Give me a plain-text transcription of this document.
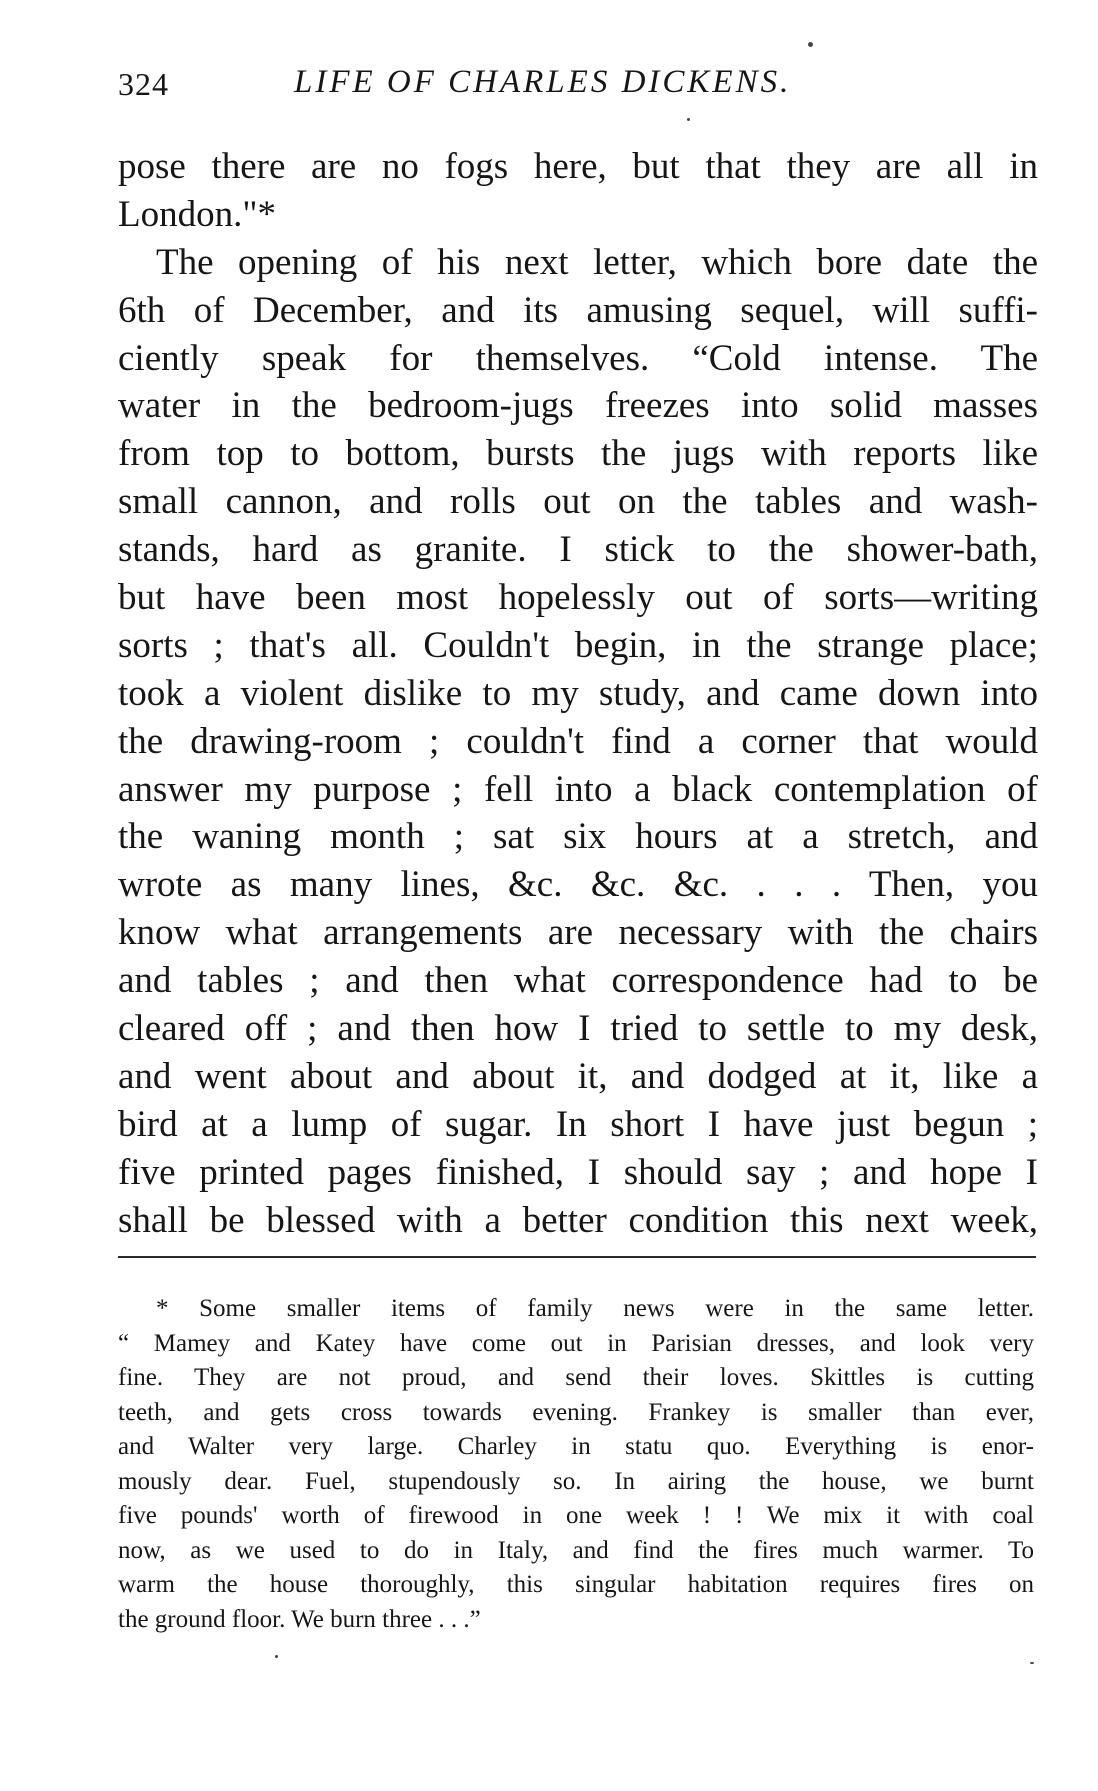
324	LIFE OF CHARLES DICKENS.
pose there are no fogs here, but that they are all in
London."*
The opening of his next letter, which bore date the
6th of December, and its amusing sequel, will suffi-
ciently speak for themselves. “Cold intense. The
water in the bedroom-jugs freezes into solid masses
from top to bottom, bursts the jugs with reports like
small cannon, and rolls out on the tables and wash-
stands, hard as granite. I stick to the shower-bath,
but have been most hopelessly out of sorts—writing
sorts ; that's all. Couldn't begin, in the strange place;
took a violent dislike to my study, and came down into
the drawing-room ; couldn't find a corner that would
answer my purpose ; fell into a black contemplation of
the waning month ; sat six hours at a stretch, and
wrote as many lines, &c. &c. &c. . . . Then, you
know what arrangements are necessary with the chairs
and tables ; and then what correspondence had to be
cleared off ; and then how I tried to settle to my desk,
and went about and about it, and dodged at it, like a
bird at a lump of sugar. In short I have just begun ;
five printed pages finished, I should say ; and hope I
shall be blessed with a better condition this next week,
* Some smaller items of family news were in the same letter.
“ Mamey and Katey have come out in Parisian dresses, and look very
fine. They are not proud, and send their loves. Skittles is cutting
teeth, and gets cross towards evening. Frankey is smaller than ever,
and Walter very large. Charley in statu quo. Everything is enor-
mously dear. Fuel, stupendously so. In airing the house, we burnt
five pounds' worth of firewood in one week ! ! We mix it with coal
now, as we used to do in Italy, and find the fires much warmer. To
warm the house thoroughly, this singular habitation requires fires on
the ground floor. We burn three . . .”
